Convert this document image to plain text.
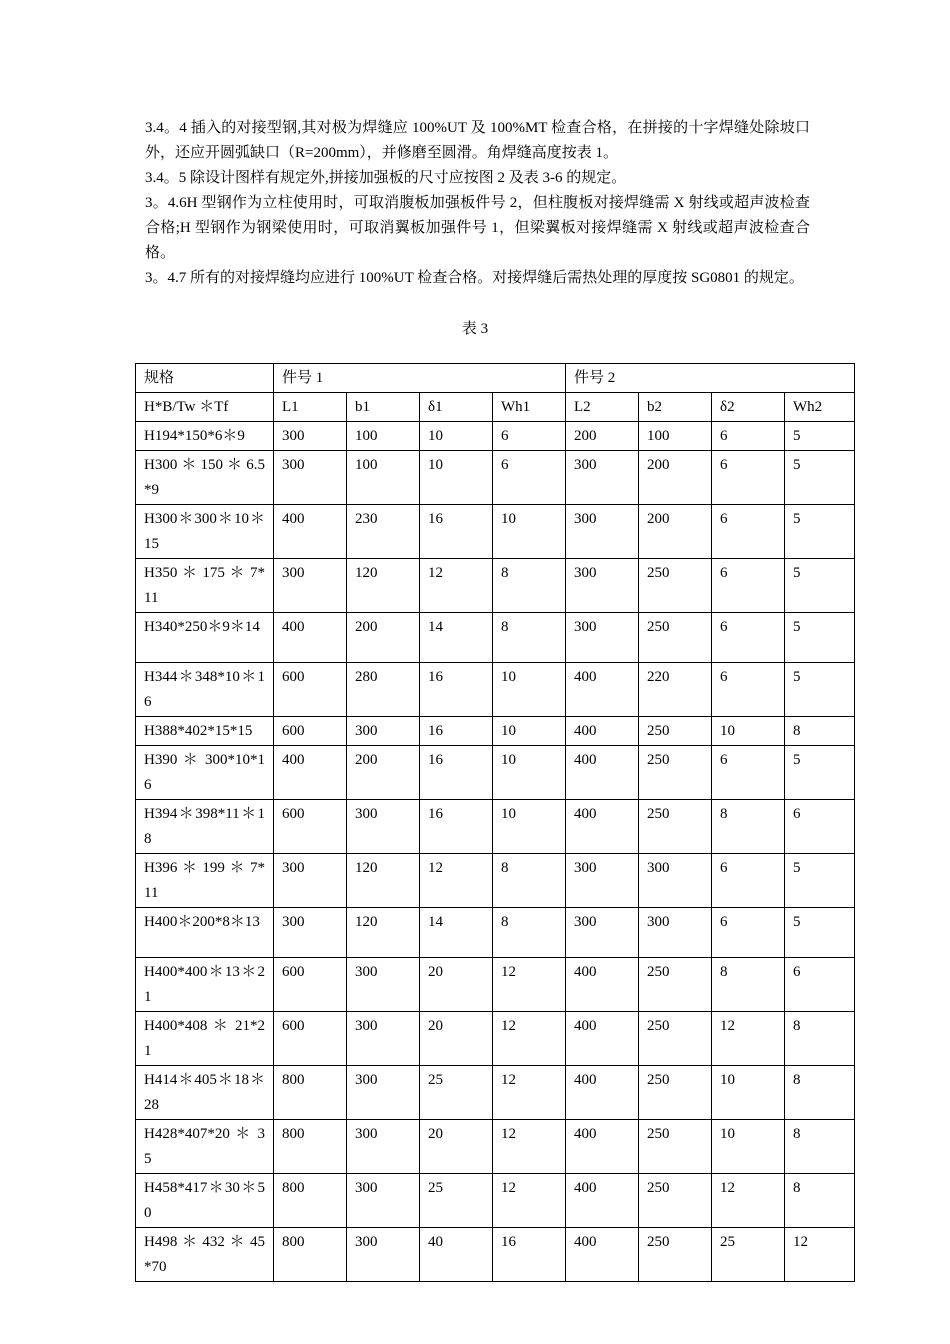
3.4。4 插入的对接型钢,其对极为焊缝应 100%UT 及 100%MT 检查合格，在拼接的十字焊缝处除坡口外，还应开圆弧缺口（R=200mm），并修磨至圆滑。角焊缝高度按表 1。

3.4。5 除设计图样有规定外,拼接加强板的尺寸应按图 2 及表 3-6 的规定。

3。4.6H 型钢作为立柱使用时，可取消腹板加强板件号 2，但柱腹板对接焊缝需 X 射线或超声波检查合格;H 型钢作为钢梁使用时，可取消翼板加强件号 1，但梁翼板对接焊缝需 X 射线或超声波检查合格。

3。4.7 所有的对接焊缝均应进行 100%UT 检查合格。对接焊缝后需热处理的厚度按 SG0801 的规定。

表 3

规格	件号 1				件号 2			
H*B/Tw ＊Tf	L1	b1	δ1	Wh1	L2	b2	δ2	Wh2
H194*150*6＊9	300	100	10	6	200	100	6	5
H300 ＊ 150 ＊ 6.5*9	300	100	10	6	300	200	6	5
H300＊300＊10＊15	400	230	16	10	300	200	6	5
H350 ＊ 175 ＊ 7*11	300	120	12	8	300	250	6	5
H340*250＊9＊14	400	200	14	8	300	250	6	5
H344＊348*10＊16	600	280	16	10	400	220	6	5
H388*402*15*15	600	300	16	10	400	250	10	8
H390 ＊ 300*10*16	400	200	16	10	400	250	6	5
H394＊398*11＊18	600	300	16	10	400	250	8	6
H396 ＊ 199 ＊ 7*11	300	120	12	8	300	300	6	5
H400＊200*8＊13	300	120	14	8	300	300	6	5
H400*400＊13＊21	600	300	20	12	400	250	8	6
H400*408 ＊ 21*21	600	300	20	12	400	250	12	8
H414＊405＊18＊28	800	300	25	12	400	250	10	8
H428*407*20 ＊ 35	800	300	20	12	400	250	10	8
H458*417＊30＊50	800	300	25	12	400	250	12	8
H498 ＊ 432 ＊ 45*70	800	300	40	16	400	250	25	12
